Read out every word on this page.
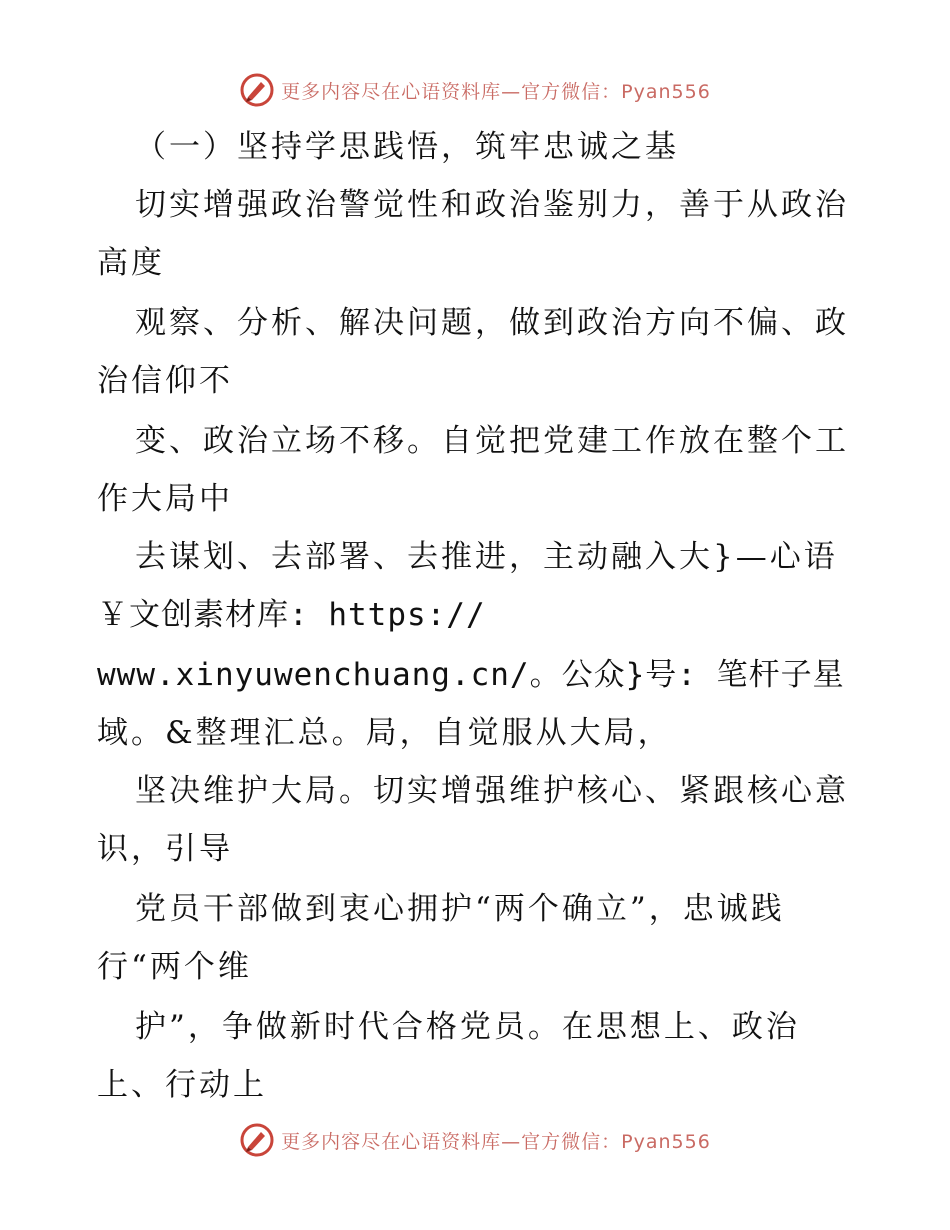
更多内容尽在心语资料库—官方微信：Pyan556
（一）坚持学思践悟，筑牢忠诚之基
切实增强政治警觉性和政治鉴别力，善于从政治
高度
观察、分析、解决问题，做到政治方向不偏、政
治信仰不
变、政治立场不移。自觉把党建工作放在整个工
作大局中
去谋划、去部署、去推进，主动融入大}—心语
￥文创素材库: https://
www.xinyuwenchuang.cn/。公众}号: 笔杆子星
域。&整理汇总。局，自觉服从大局，
坚决维护大局。切实增强维护核心、紧跟核心意
识，引导
党员干部做到衷心拥护“两个确立”，忠诚践
行“两个维
护”，争做新时代合格党员。在思想上、政治
上、行动上
更多内容尽在心语资料库—官方微信：Pyan556
